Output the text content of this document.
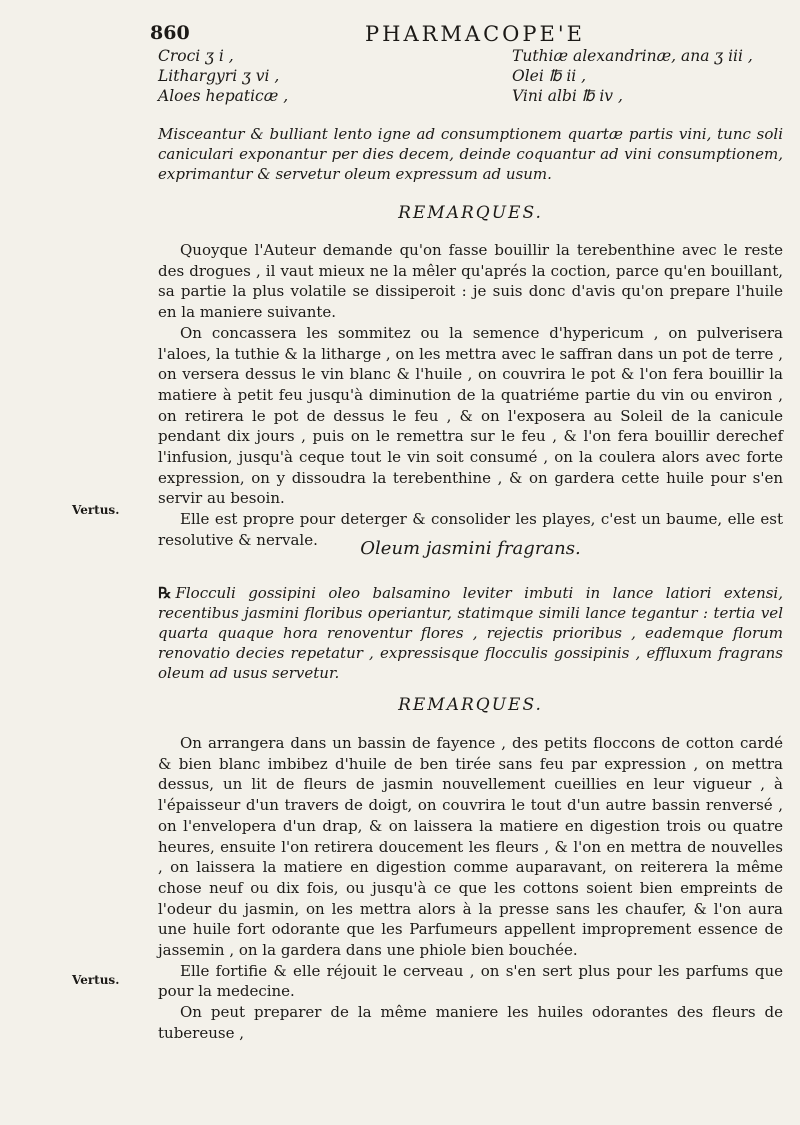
860	PHARMACOPE'E
Croci ʒ i ,
Lithargyri ʒ vi ,
Aloes hepaticæ ,
Tuthiæ alexandrinæ, ana ʒ iii ,
Olei ℔ ii ,
Vini albi ℔ iv ,

Misceantur & bulliant lento igne ad consumptionem quartæ partis vini, tunc soli caniculari exponantur per dies decem, deinde coquantur ad vini consumptionem, exprimantur & servetur oleum expressum ad usum.

REMARQUES.

Quoyque l'Auteur demande qu'on fasse bouillir la terebenthine avec le reste des drogues , il vaut mieux ne la mêler qu'aprés la coction, parce qu'en bouillant, sa partie la plus volatile se dissiperoit : je suis donc d'avis qu'on prepare l'huile en la maniere suivante.

On concassera les sommitez ou la semence d'hypericum , on pulverisera l'aloes, la tuthie & la litharge , on les mettra avec le saffran dans un pot de terre , on versera dessus le vin blanc & l'huile , on couvrira le pot & l'on fera bouillir la matiere à petit feu jusqu'à diminution de la quatriéme partie du vin ou environ , on retirera le pot de dessus le feu , & on l'exposera au Soleil de la canicule pendant dix jours , puis on le remettra sur le feu , & l'on fera bouillir derechef l'infusion, jusqu'à ceque tout le vin soit consumé , on la coulera alors avec forte expression, on y dissoudra la terebenthine , & on gardera cette huile pour s'en servir au besoin.

Elle est propre pour deterger & consolider les playes, c'est un baume, elle est resolutive & nervale.

Vertus.

Oleum jasmini fragrans.

℞ Flocculi gossipini oleo balsamino leviter imbuti in lance latiori extensi, recentibus jasmini floribus operiantur, statimque simili lance tegantur : tertia vel quarta quaque hora renoventur flores , rejectis prioribus , eademque florum renovatio decies repetatur , expressisque flocculis gossipinis , effluxum fragrans oleum ad usus servetur.

REMARQUES.

On arrangera dans un bassin de fayence , des petits floccons de cotton cardé & bien blanc imbibez d'huile de ben tirée sans feu par expression , on mettra dessus, un lit de fleurs de jasmin nouvellement cueillies en leur vigueur , à l'épaisseur d'un travers de doigt, on couvrira le tout d'un autre bassin renversé , on l'envelopera d'un drap, & on laissera la matiere en digestion trois ou quatre heures, ensuite l'on retirera doucement les fleurs , & l'on en mettra de nouvelles , on laissera la matiere en digestion comme auparavant, on reiterera la même chose neuf ou dix fois, ou jusqu'à ce que les cottons soient bien empreints de l'odeur du jasmin, on les mettra alors à la presse sans les chaufer, & l'on aura une huile fort odorante que les Parfumeurs appellent improprement essence de jassemin , on la gardera dans une phiole bien bouchée.

Elle fortifie & elle réjouit le cerveau , on s'en sert plus pour les parfums que pour la medecine.

On peut preparer de la même maniere les huiles odorantes des fleurs de tubereuse ,

Vertus.
